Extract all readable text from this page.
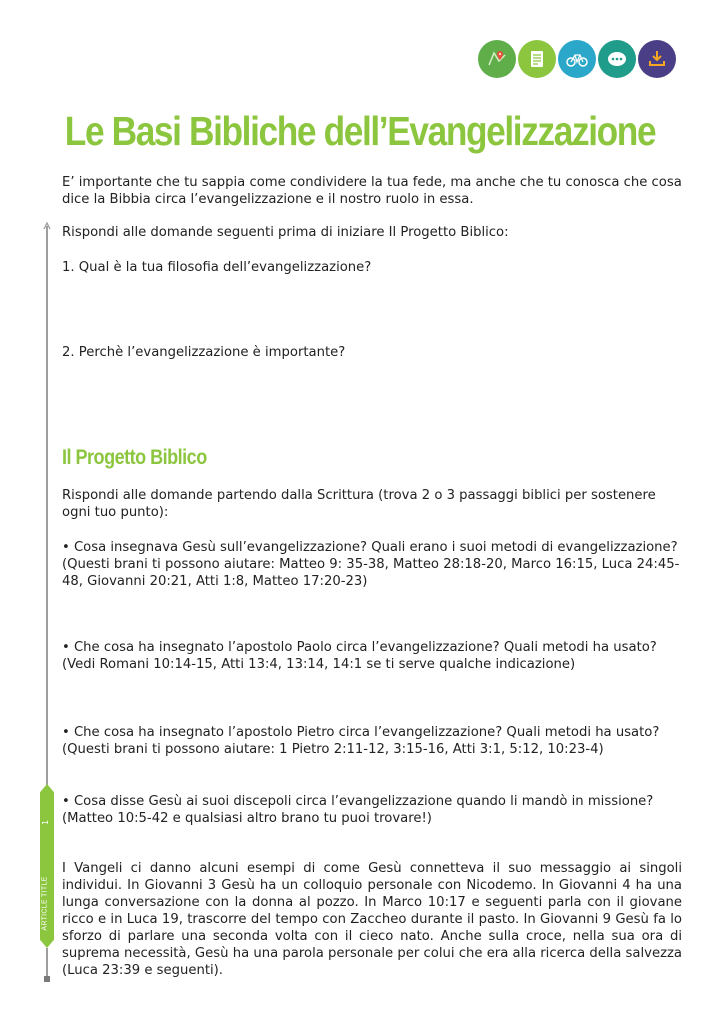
Le Basi Bibliche dell’Evangelizzazione
1
ARTICLE TITLE

E’ importante che tu sappia come condividere la tua fede, ma anche che tu conosca che cosa dice la Bibbia circa l’evangelizzazione e il nostro ruolo in essa.

Rispondi alle domande seguenti prima di iniziare Il Progetto Biblico:

1. Qual è la tua filosofia dell’evangelizzazione?

2. Perchè l’evangelizzazione è importante?

Il Progetto Biblico

Rispondi alle domande partendo dalla Scrittura (trova 2 o 3 passaggi biblici per sostenere ogni tuo punto):

• Cosa insegnava Gesù sull’evangelizzazione? Quali erano i suoi metodi di evangelizzazione?

(Questi brani ti possono aiutare: Matteo 9: 35-38, Matteo 28:18-20, Marco 16:15, Luca 24:45-48, Giovanni 20:21, Atti 1:8, Matteo 17:20-23)

• Che cosa ha insegnato l’apostolo Paolo circa l’evangelizzazione? Quali metodi ha usato?

(Vedi Romani 10:14-15, Atti 13:4, 13:14, 14:1 se ti serve qualche indicazione)

• Che cosa ha insegnato l’apostolo Pietro circa l’evangelizzazione? Quali metodi ha usato?

(Questi brani ti possono aiutare: 1 Pietro 2:11-12, 3:15-16, Atti 3:1, 5:12, 10:23-4)

• Cosa disse Gesù ai suoi discepoli circa l’evangelizzazione quando li mandò in missione?

(Matteo 10:5-42 e qualsiasi altro brano tu puoi trovare!)

I Vangeli ci danno alcuni esempi di come Gesù connetteva il suo messaggio ai singoli individui. In Giovanni 3 Gesù ha un colloquio personale con Nicodemo. In Giovanni 4 ha una lunga conversazione con la donna al pozzo. In Marco 10:17 e seguenti parla con il giovane ricco e in Luca 19, trascorre del tempo con Zaccheo durante il pasto. In Giovanni 9 Gesù fa lo sforzo di parlare una seconda volta con il cieco nato. Anche sulla croce, nella sua ora di suprema necessità, Gesù ha una parola personale per colui che era alla ricerca della salvezza (Luca 23:39 e seguenti).
